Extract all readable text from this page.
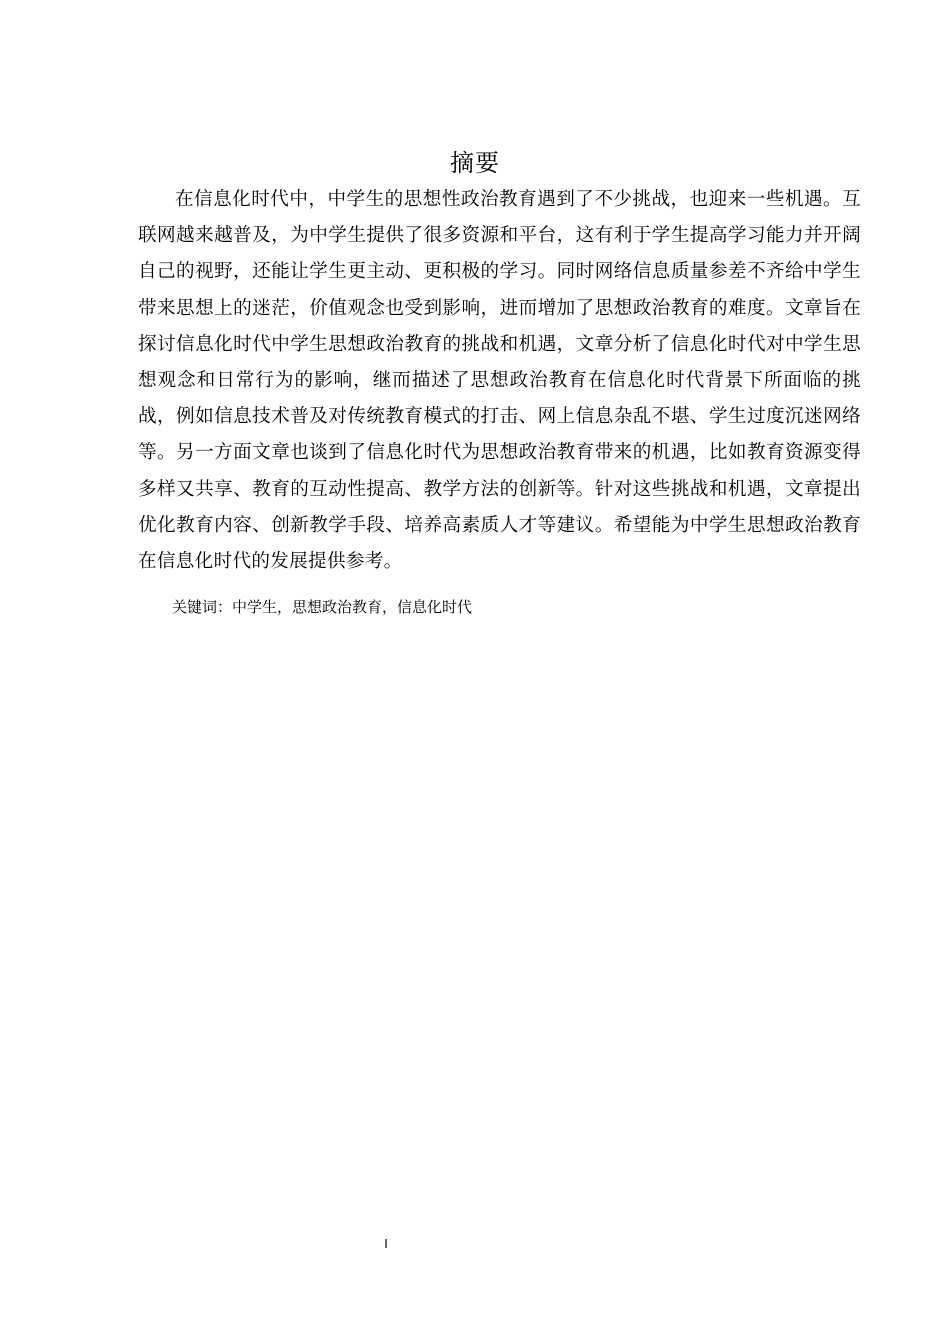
摘要

在信息化时代中，中学生的思想性政治教育遇到了不少挑战，也迎来一些机遇。互联网越来越普及，为中学生提供了很多资源和平台，这有利于学生提高学习能力并开阔自己的视野，还能让学生更主动、更积极的学习。同时网络信息质量参差不齐给中学生带来思想上的迷茫，价值观念也受到影响，进而增加了思想政治教育的难度。文章旨在探讨信息化时代中学生思想政治教育的挑战和机遇，文章分析了信息化时代对中学生思想观念和日常行为的影响，继而描述了思想政治教育在信息化时代背景下所面临的挑战，例如信息技术普及对传统教育模式的打击、网上信息杂乱不堪、学生过度沉迷网络等。另一方面文章也谈到了信息化时代为思想政治教育带来的机遇，比如教育资源变得多样又共享、教育的互动性提高、教学方法的创新等。针对这些挑战和机遇，文章提出优化教育内容、创新教学手段、培养高素质人才等建议。希望能为中学生思想政治教育在信息化时代的发展提供参考。

关键词：中学生，思想政治教育，信息化时代
I
